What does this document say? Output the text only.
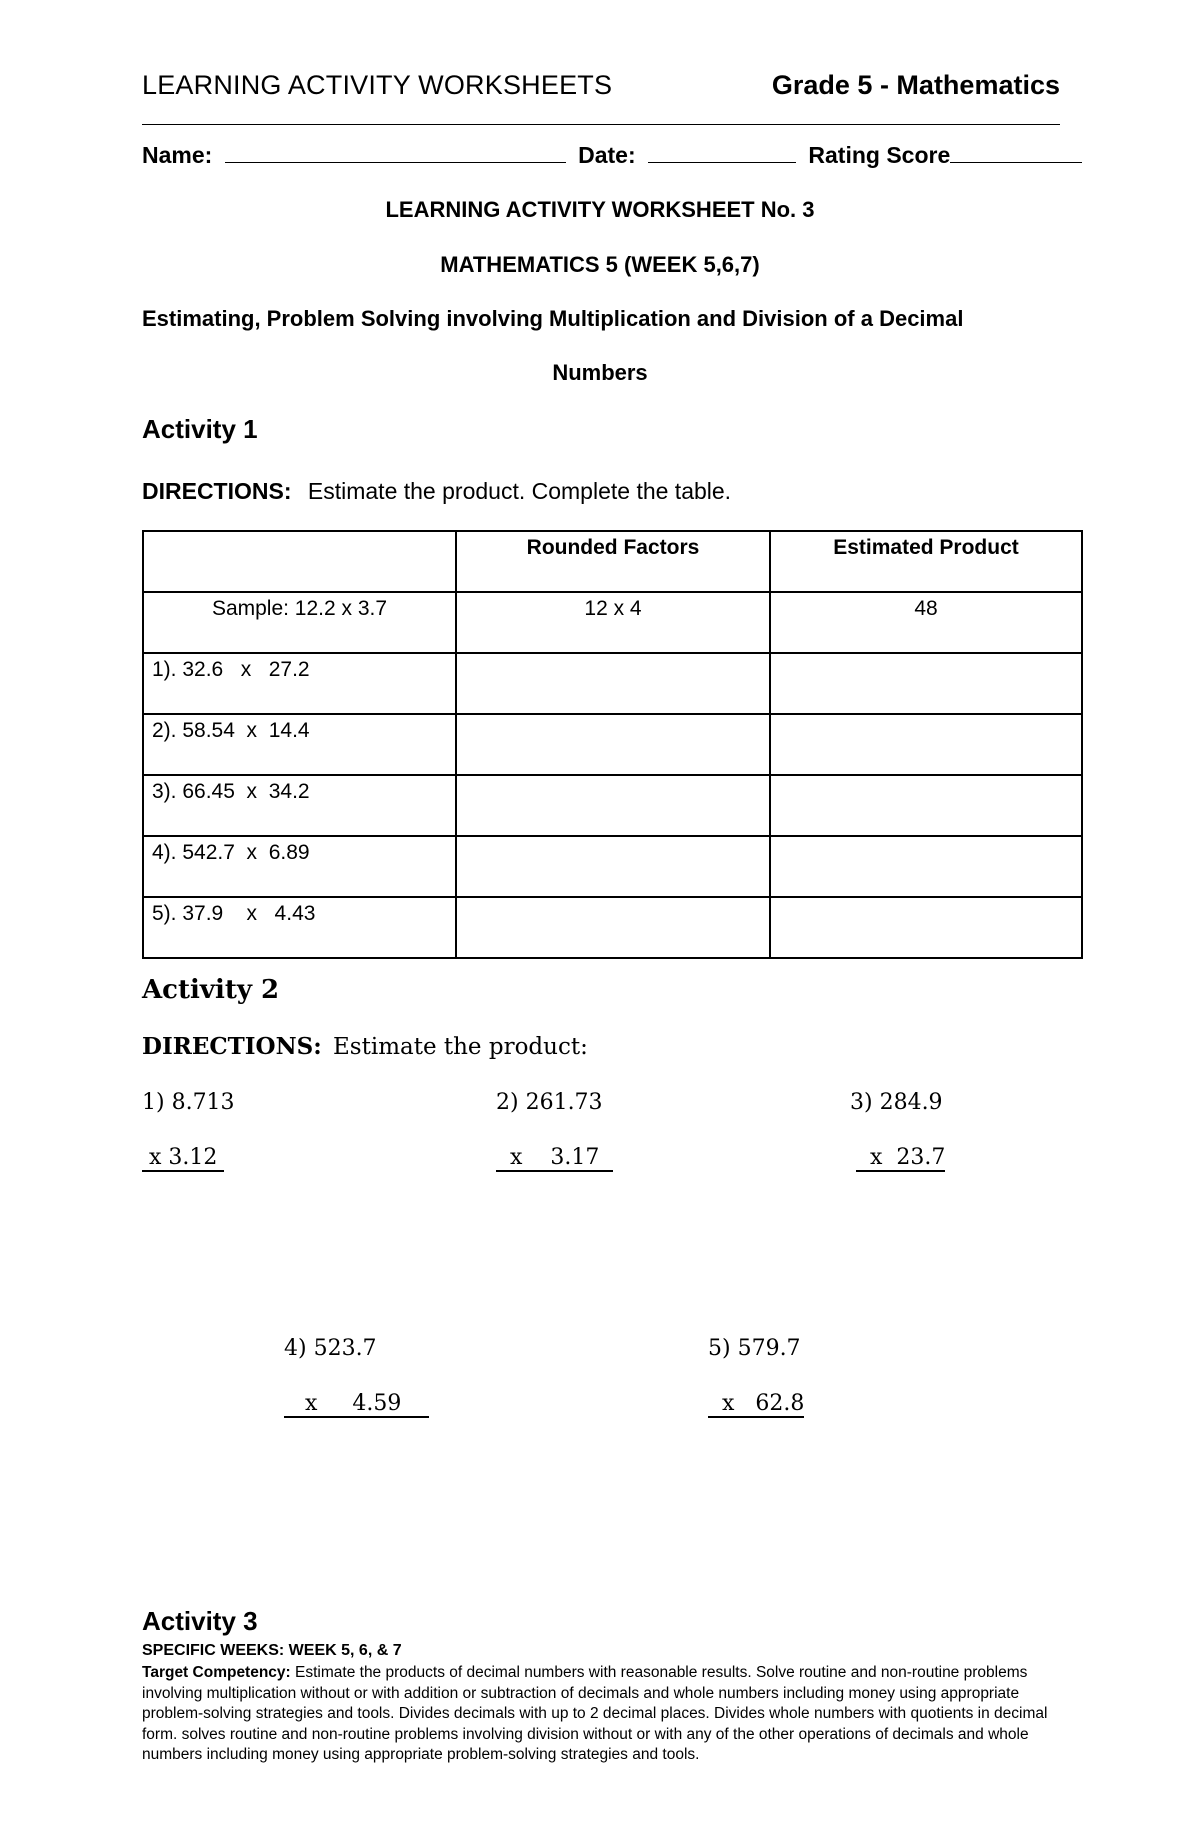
LEARNING ACTIVITY WORKSHEETS	Grade 5 - Mathematics
Name:	Date:	Rating Score
LEARNING ACTIVITY WORKSHEET No. 3
MATHEMATICS 5 (WEEK 5,6,7)
Estimating, Problem Solving involving Multiplication and Division of a Decimal
Numbers
Activity 1
DIRECTIONS: Estimate the product. Complete the table.
	Rounded Factors	Estimated Product
Sample: 12.2 x 3.7	12 x 4	48
1). 32.6   x   27.2		
2). 58.54  x  14.4		
3). 66.45  x  34.2		
4). 542.7  x  6.89		
5). 37.9    x   4.43		
Activity 2
DIRECTIONS: Estimate the product:
1) 8.713
x 3.12
2) 261.73
x    3.17
3) 284.9
x  23.7
4) 523.7
x     4.59
5) 579.7
x   62.8
Activity 3
SPECIFIC WEEKS: WEEK 5, 6, & 7
Target Competency: Estimate the products of decimal numbers with reasonable results. Solve routine and non-routine problems involving multiplication without or with addition or subtraction of decimals and whole numbers including money using appropriate problem-solving strategies and tools. Divides decimals with up to 2 decimal places. Divides whole numbers with quotients in decimal form. solves routine and non-routine problems involving division without or with any of the other operations of decimals and whole numbers including money using appropriate problem-solving strategies and tools.
